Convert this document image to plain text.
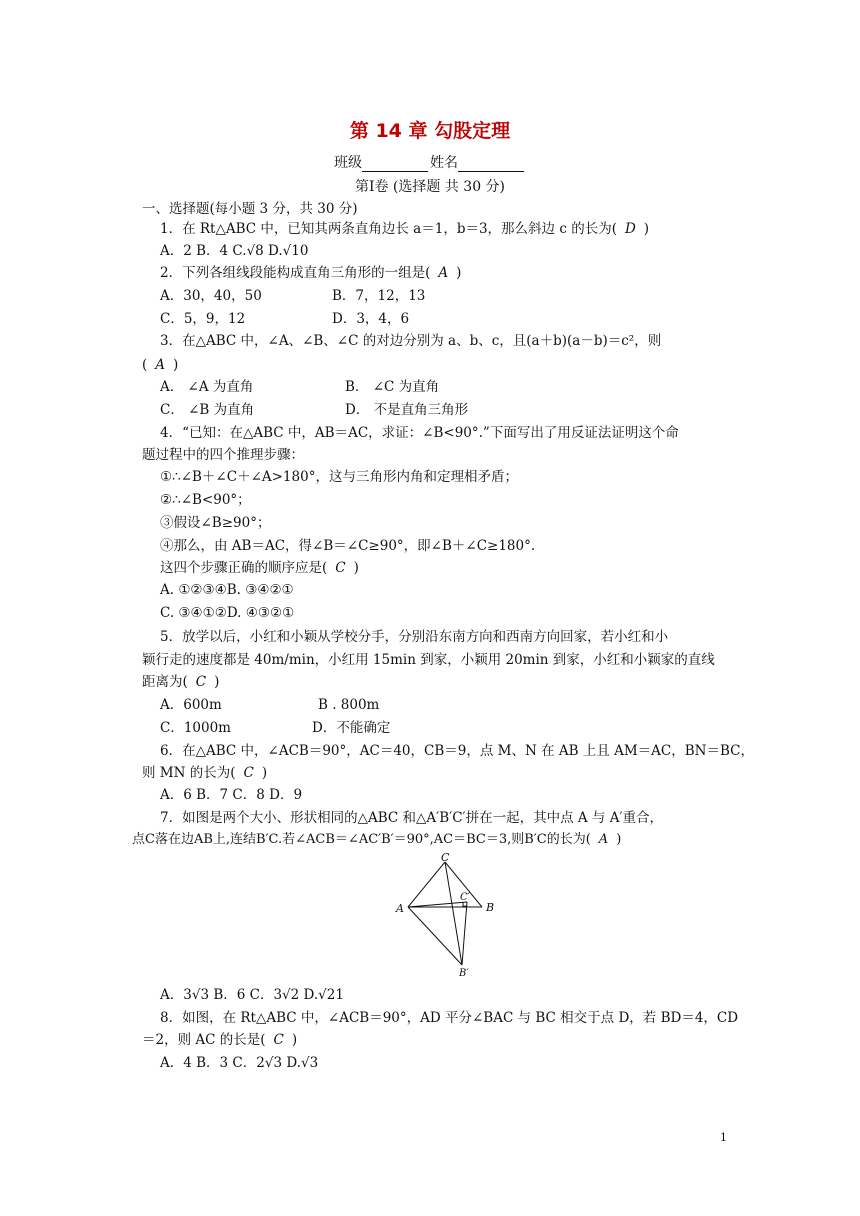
第 14 章 勾股定理
班级	姓名
第Ⅰ卷 (选择题 共 30 分)
一、选择题(每小题 3 分，共 30 分)
1．在 Rt△ABC 中，已知其两条直角边长 a＝1，b＝3，那么斜边 c 的长为( D )
A．2 B．4 C.√8 D.√10
2．下列各组线段能构成直角三角形的一组是( A )
A．30，40，50	B．7，12，13
C．5，9，12	D．3，4，6
3．在△ABC 中，∠A、∠B、∠C 的对边分别为 a、b、c，且(a＋b)(a－b)＝c²，则
( A )
A． ∠A 为直角	B． ∠C 为直角
C． ∠B 为直角	D． 不是直角三角形
4．“已知：在△ABC 中，AB＝AC，求证：∠B<90°.”下面写出了用反证法证明这个命
题过程中的四个推理步骤：
①∴∠B＋∠C＋∠A>180°，这与三角形内角和定理相矛盾；
②∴∠B<90°；
③假设∠B≥90°；
④那么，由 AB＝AC，得∠B＝∠C≥90°，即∠B＋∠C≥180°.
这四个步骤正确的顺序应是( C )
A. ①②③④B. ③④②①
C. ③④①②D. ④③②①
5．放学以后，小红和小颖从学校分手，分别沿东南方向和西南方向回家，若小红和小
颖行走的速度都是 40m/min，小红用 15min 到家，小颖用 20min 到家，小红和小颖家的直线
距离为( C )
A．600m	B . 800m
C．1000m	D．不能确定
6．在△ABC 中，∠ACB＝90°，AC＝40，CB＝9，点 M、N 在 AB 上且 AM＝AC，BN＝BC，
则 MN 的长为( C )
A．6 B．7 C．8 D．9
7．如图是两个大小、形状相同的△ABC 和△A′B′C′拼在一起，其中点 A 与 A′重合，
点C落在边AB上,连结B′C.若∠ACB＝∠AC′B′＝90°,AC＝BC＝3,则B′C的长为( A )
C
A
C′
B
B′
A．3√3 B．6 C．3√2 D.√21
8．如图，在 Rt△ABC 中，∠ACB＝90°，AD 平分∠BAC 与 BC 相交于点 D，若 BD＝4，CD
＝2，则 AC 的长是( C )
A．4 B．3 C．2√3 D.√3
1
